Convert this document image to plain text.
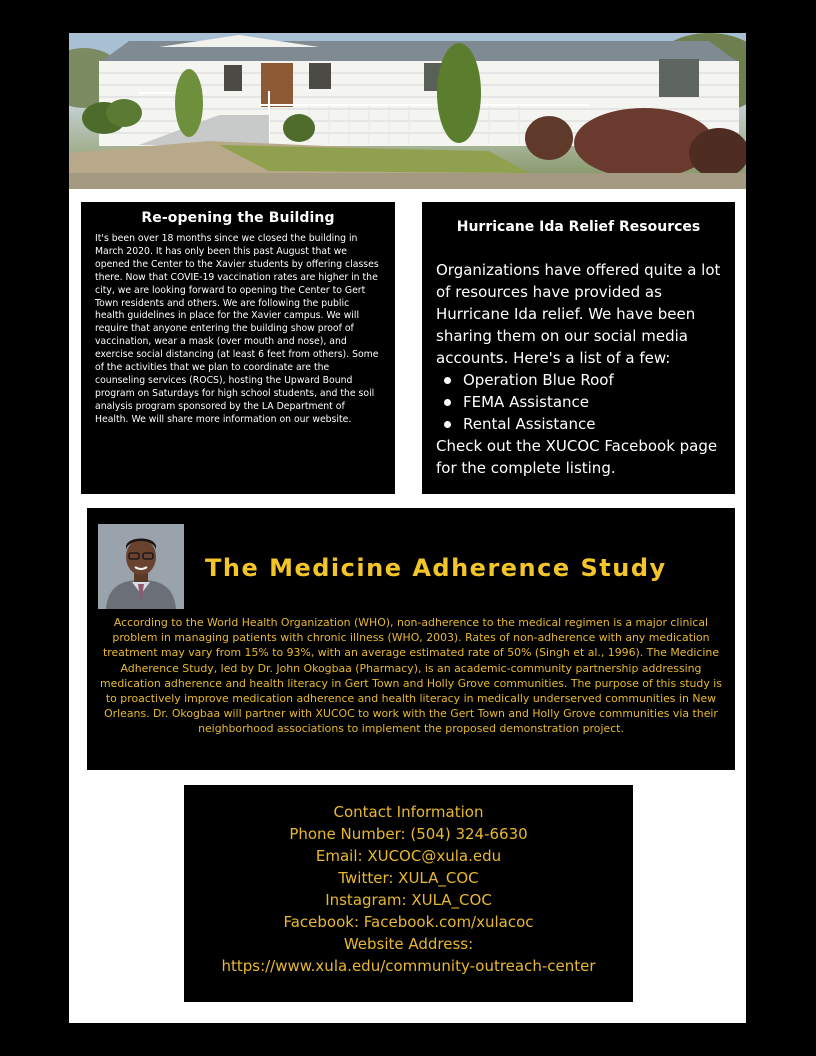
Re-opening the Building

It's been over 18 months since we closed the building in March 2020. It has only been this past August that we opened the Center to the Xavier students by offering classes there. Now that COVIE-19 vaccination rates are higher in the city, we are looking forward to opening the Center to Gert Town residents and others. We are following the public health guidelines in place for the Xavier campus. We will require that anyone entering the building show proof of vaccination, wear a mask (over mouth and nose), and exercise social distancing (at least 6 feet from others). Some of the activities that we plan to coordinate are the counseling services (ROCS), hosting the Upward Bound program on Saturdays for high school students, and the soil analysis program sponsored by the LA Department of Health. We will share more information on our website.

Hurricane Ida Relief Resources

Organizations have offered quite a lot of resources have provided as Hurricane Ida relief. We have been sharing them on our social media accounts. Here's a list of a few:

Operation Blue Roof
FEMA Assistance
Rental Assistance

Check out the XUCOC Facebook page for the complete listing.

The Medicine Adherence Study

According to the World Health Organization (WHO), non-adherence to the medical regimen is a major clinical problem in managing patients with chronic illness (WHO, 2003). Rates of non-adherence with any medication treatment may vary from 15% to 93%, with an average estimated rate of 50% (Singh et al., 1996). The Medicine Adherence Study, led by Dr. John Okogbaa (Pharmacy), is an academic-community partnership addressing medication adherence and health literacy in Gert Town and Holly Grove communities. The purpose of this study is to proactively improve medication adherence and health literacy in medically underserved communities in New Orleans. Dr. Okogbaa will partner with XUCOC to work with the Gert Town and Holly Grove communities via their neighborhood associations to implement the proposed demonstration project.

Contact Information
Phone Number: (504) 324-6630
Email: XUCOC@xula.edu
Twitter: XULA_COC
Instagram: XULA_COC
Facebook: Facebook.com/xulacoc
Website Address:
https://www.xula.edu/community-outreach-center
